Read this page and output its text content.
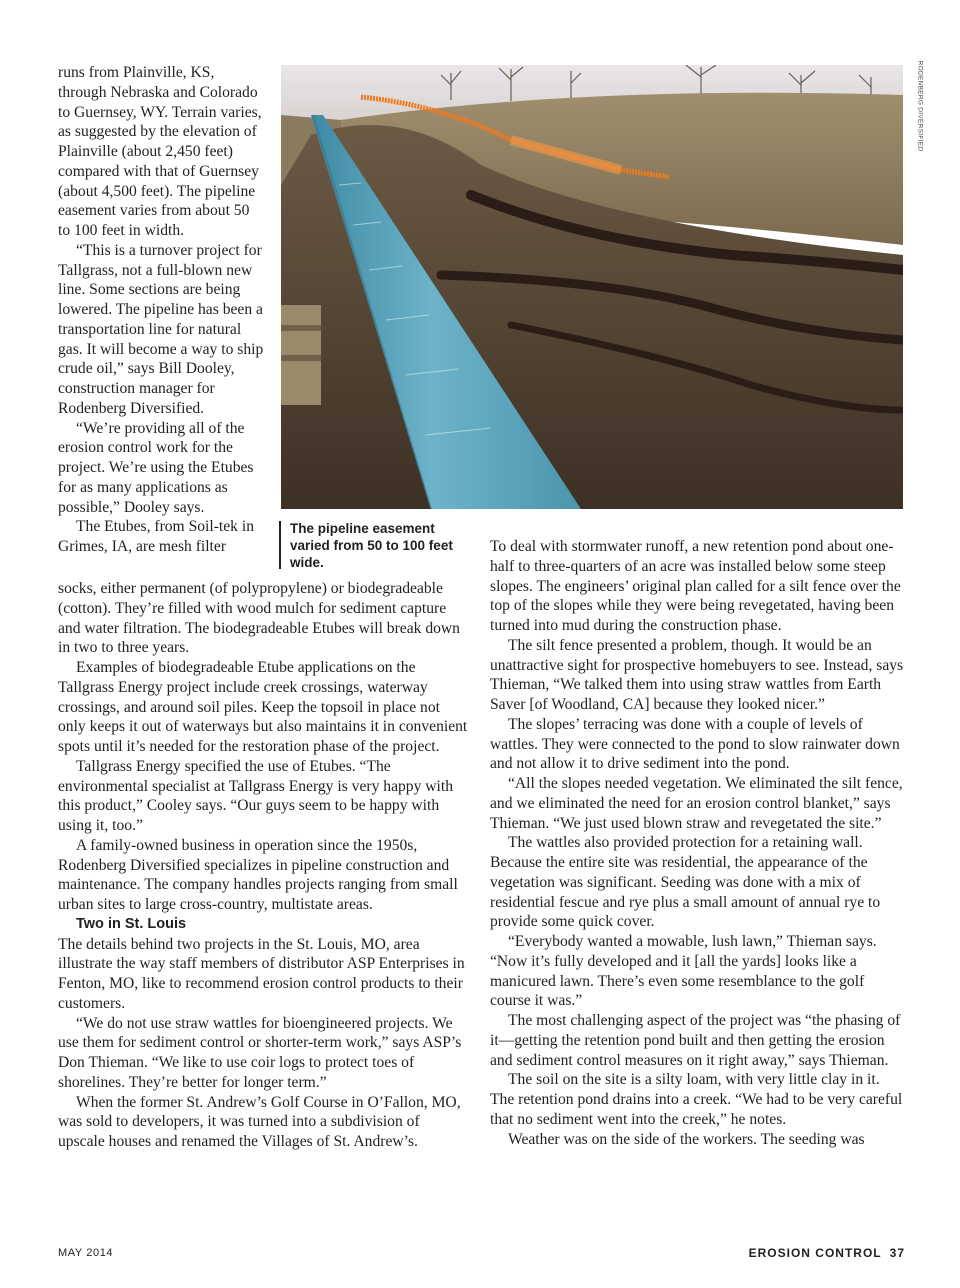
runs from Plainville, KS, through Nebraska and Colorado to Guernsey, WY. Terrain varies, as suggested by the elevation of Plainville (about 2,450 feet) compared with that of Guernsey (about 4,500 feet). The pipeline easement varies from about 50 to 100 feet in width.

“This is a turnover project for Tallgrass, not a full-blown new line. Some sections are being lowered. The pipeline has been a transportation line for natural gas. It will become a way to ship crude oil,” says Bill Dooley, construction manager for Rodenberg Diversified.

“We’re providing all of the erosion control work for the project. We’re using the Etubes for as many applications as possible,” Dooley says.

The Etubes, from Soil-tek in Grimes, IA, are mesh filter

socks, either permanent (of polypropylene) or biodegradeable (cotton). They’re filled with wood mulch for sediment capture and water filtration. The biodegradeable Etubes will break down in two to three years.

Examples of biodegradeable Etube applications on the Tallgrass Energy project include creek crossings, waterway crossings, and around soil piles. Keep the topsoil in place not only keeps it out of waterways but also maintains it in convenient spots until it’s needed for the restoration phase of the project.

Tallgrass Energy specified the use of Etubes. “The environmental specialist at Tallgrass Energy is very happy with this product,” Cooley says. “Our guys seem to be happy with using it, too.”

A family-owned business in operation since the 1950s, Rodenberg Diversified specializes in pipeline construction and maintenance. The company handles projects ranging from small urban sites to large cross-country, multistate areas.

Two in St. Louis

The details behind two projects in the St. Louis, MO, area illustrate the way staff members of distributor ASP Enterprises in Fenton, MO, like to recommend erosion control products to their customers.

“We do not use straw wattles for bioengineered projects. We use them for sediment control or shorter-term work,” says ASP’s Don Thieman. “We like to use coir logs to protect toes of shorelines. They’re better for longer term.”

When the former St. Andrew’s Golf Course in O’Fallon, MO, was sold to developers, it was turned into a subdivision of upscale houses and renamed the Villages of St. Andrew’s.

RODENBERG DIVERSIFIED
The pipeline easement varied from 50 to 100 feet wide.

To deal with stormwater runoff, a new retention pond about one-half to three-quarters of an acre was installed below some steep slopes. The engineers’ original plan called for a silt fence over the top of the slopes while they were being revegetated, having been turned into mud during the construction phase.

The silt fence presented a problem, though. It would be an unattractive sight for prospective homebuyers to see. Instead, says Thieman, “We talked them into using straw wattles from Earth Saver [of Woodland, CA] because they looked nicer.”

The slopes’ terracing was done with a couple of levels of wattles. They were connected to the pond to slow rainwater down and not allow it to drive sediment into the pond.

“All the slopes needed vegetation. We eliminated the silt fence, and we eliminated the need for an erosion control blanket,” says Thieman. “We just used blown straw and revegetated the site.”

The wattles also provided protection for a retaining wall. Because the entire site was residential, the appearance of the vegetation was significant. Seeding was done with a mix of residential fescue and rye plus a small amount of annual rye to provide some quick cover.

“Everybody wanted a mowable, lush lawn,” Thieman says. “Now it’s fully developed and it [all the yards] looks like a manicured lawn. There’s even some resemblance to the golf course it was.”

The most challenging aspect of the project was “the phasing of it—getting the retention pond built and then getting the erosion and sediment control measures on it right away,” says Thieman.

The soil on the site is a silty loam, with very little clay in it. The retention pond drains into a creek. “We had to be very careful that no sediment went into the creek,” he notes.

Weather was on the side of the workers. The seeding was

MAY 2014	EROSION CONTROL 37
